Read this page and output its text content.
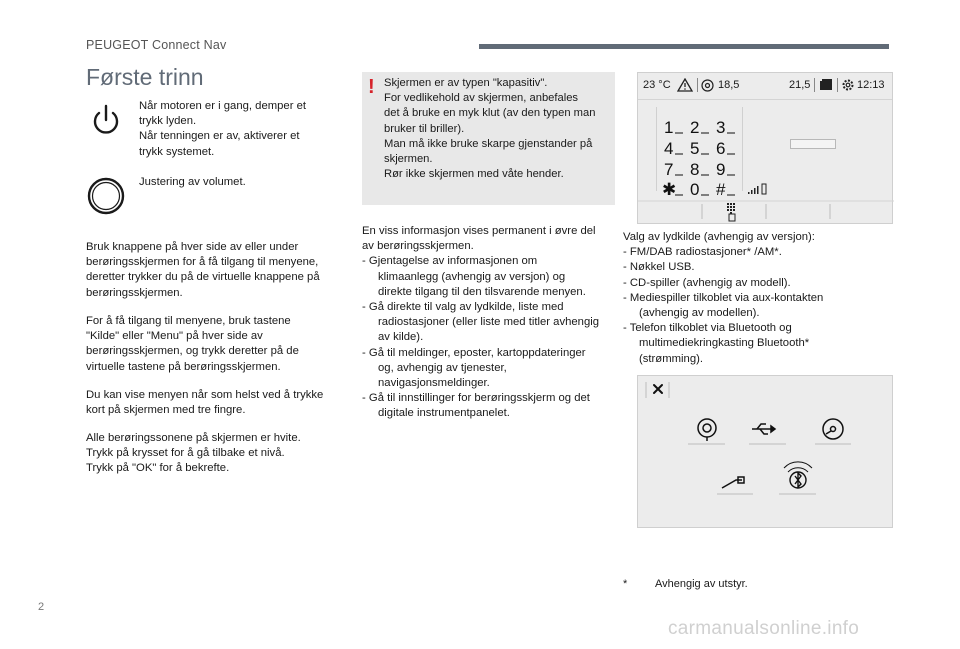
PEUGEOT Connect Nav
Første trinn
Når motoren er i gang, demper et
trykk lyden.
Når tenningen er av, aktiverer et
trykk systemet.
Justering av volumet.
Bruk knappene på hver side av eller under
berøringsskjermen for å få tilgang til menyene,
deretter trykker du på de virtuelle knappene på
berøringsskjermen.
For å få tilgang til menyene, bruk tastene
"Kilde" eller "Menu" på hver side av
berøringsskjermen, og trykk deretter på de
virtuelle tastene på berøringsskjermen.
Du kan vise menyen når som helst ved å trykke
kort på skjermen med tre fingre.
Alle berøringssonene på skjermen er hvite.
Trykk på krysset for å gå tilbake et nivå.
Trykk på "OK" for å bekrefte.
! Skjermen er av typen "kapasitiv".
For vedlikehold av skjermen, anbefales
det å bruke en myk klut (av den typen man
bruker til briller).
Man må ikke bruke skarpe gjenstander på
skjermen.
Rør ikke skjermen med våte hender.
En viss informasjon vises permanent i øvre del
av berøringsskjermen.
- Gjentagelse av informasjonen om
klimaanlegg (avhengig av versjon) og
direkte tilgang til den tilsvarende menyen.
- Gå direkte til valg av lydkilde, liste med
radiostasjoner (eller liste med titler avhengig
av kilde).
- Gå til meldinger, eposter, kartoppdateringer
og, avhengig av tjenester,
navigasjonsmeldinger.
- Gå til innstillinger for berøringsskjerm og det
digitale instrumentpanelet.
23 °C	18,5	21,5	12:13
1 2 3
4 5 6
7 8 9
✱ 0 #
Valg av lydkilde (avhengig av versjon):
- FM/DAB radiostasjoner* /AM*.
- Nøkkel USB.
- CD-spiller (avhengig av modell).
- Mediespiller tilkoblet via aux-kontakten
(avhengig av modellen).
- Telefon tilkoblet via Bluetooth og
multimediekringkasting Bluetooth*
(strømming).
*	Avhengig av utstyr.
2
carmanualsonline.info
